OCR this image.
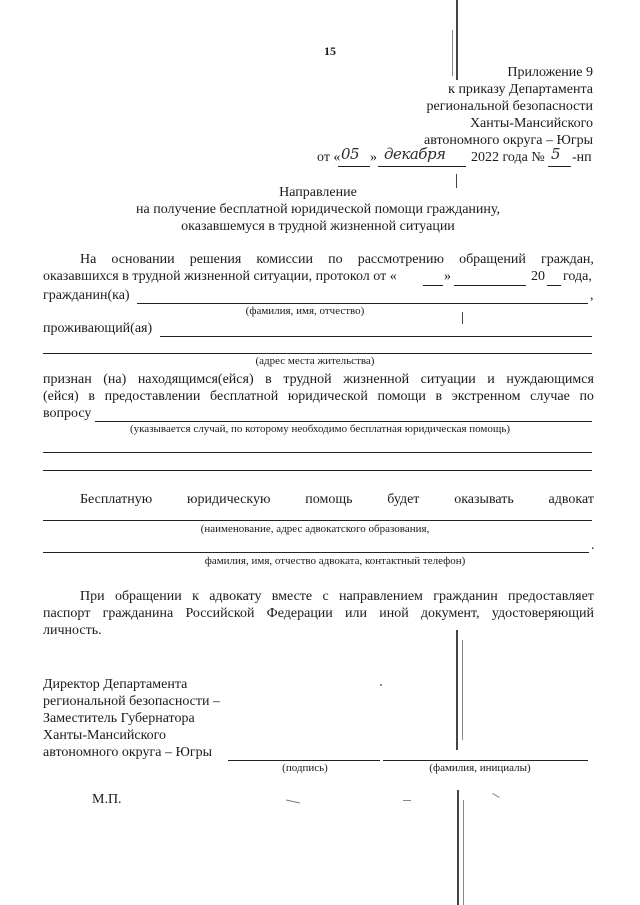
15
Приложение 9
к приказу Департамента
региональной безопасности
Ханты-Мансийского
автономного округа – Югры
от « 05 » декабря 2022 года № 5 -нп
Направление
на получение бесплатной юридической помощи гражданину,
оказавшемуся в трудной жизненной ситуации
На основании решения комиссии по рассмотрению обращений граждан,
оказавшихся в трудной жизненной ситуации, протокол от «	»	20 года,
гражданин(ка)	,
(фамилия, имя, отчество)
проживающий(ая)
(адрес места жительства)
признан (на) находящимся(ейся) в трудной жизненной ситуации и нуждающимся
(ейся) в предоставлении бесплатной юридической помощи в экстренном случае по
вопросу
(указывается случай, по которому необходимо бесплатная юридическая помощь)
Бесплатную юридическую помощь будет оказывать адвокат
(наименование, адрес адвокатского образования,
.
фамилия, имя, отчество адвоката, контактный телефон)
При обращении к адвокату вместе с направлением гражданин предоставляет
паспорт гражданина Российской Федерации или иной документ, удостоверяющий
личность.
Директор Департамента
региональной безопасности –
Заместитель Губернатора
Ханты-Мансийского
автономного округа – Югры
(подпись)	(фамилия, инициалы)
М.П.
